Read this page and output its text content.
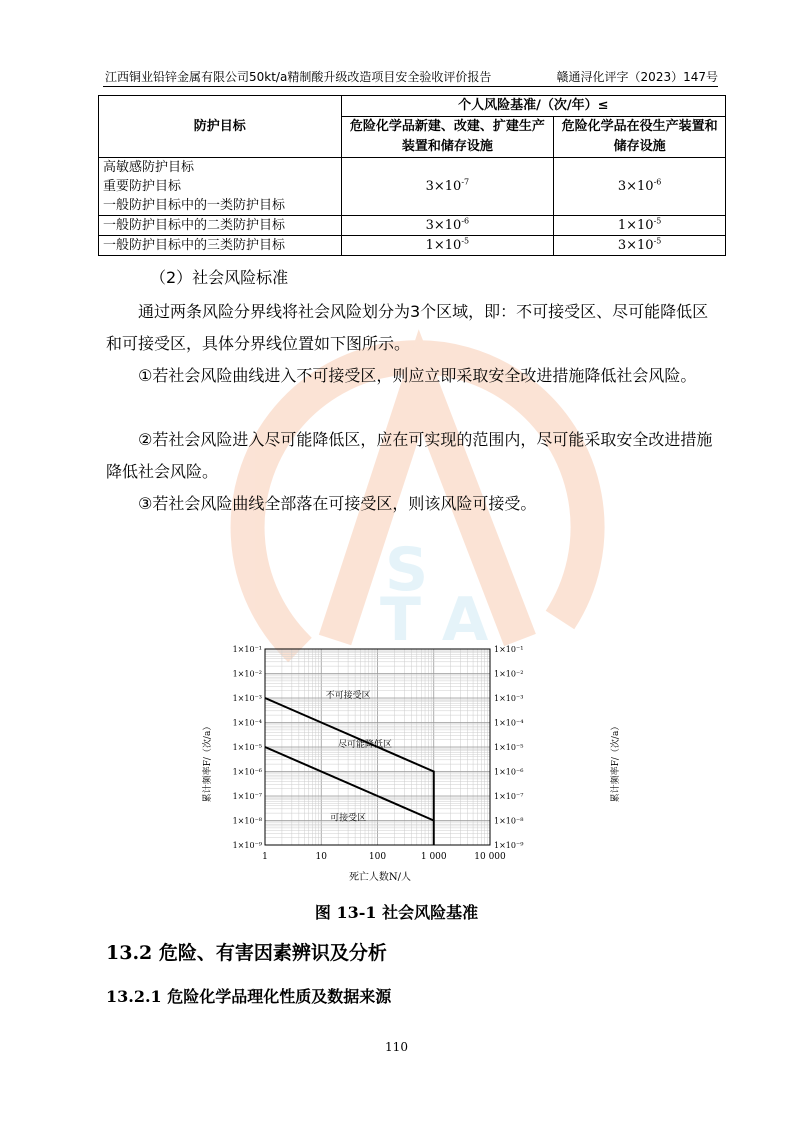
S
T A
江西铜业铅锌金属有限公司50kt/a精制酸升级改造项目安全验收评价报告	赣通浔化评字（2023）147号
防护目标	个人风险基准/（次/年）≤	
	危险化学品新建、改建、扩建生产装置和储存设施	危险化学品在役生产装置和储存设施

高敏感防护目标
重要防护目标
一般防护目标中的一类防护目标	$3\times 10^{-7}$	$3\times 10^{-6}$

一般防护目标中的二类防护目标	$3\times 10^{-6}$	$1\times 10^{-5}$

一般防护目标中的三类防护目标	$1\times 10^{-5}$	$3\times 10^{-5}$
（2）社会风险标准
通过两条风险分界线将社会风险划分为3个区域，即：不可接受区、尽可能降低区和可接受区，具体分界线位置如下图所示。
①若社会风险曲线进入不可接受区，则应立即采取安全改进措施降低社会风险。
②若社会风险进入尽可能降低区，应在可实现的范围内，尽可能采取安全改进措施降低社会风险。
③若社会风险曲线全部落在可接受区，则该风险可接受。
1	10	100	1 000	10 000
1×10⁻¹	1×10⁻¹
1×10⁻²	1×10⁻²
1×10⁻³	1×10⁻³
1×10⁻⁴	1×10⁻⁴
1×10⁻⁵	1×10⁻⁵
1×10⁻⁶	1×10⁻⁶
1×10⁻⁷	1×10⁻⁷
1×10⁻⁸	1×10⁻⁸
1×10⁻⁹	1×10⁻⁹
不可接受区
尽可能降低区
可接受区
死亡人数N/人
累计频率F/（次/a）	累计频率F/（次/a）
图 13-1 社会风险基准
13.2 危险、有害因素辨识及分析
13.2.1 危险化学品理化性质及数据来源
110
